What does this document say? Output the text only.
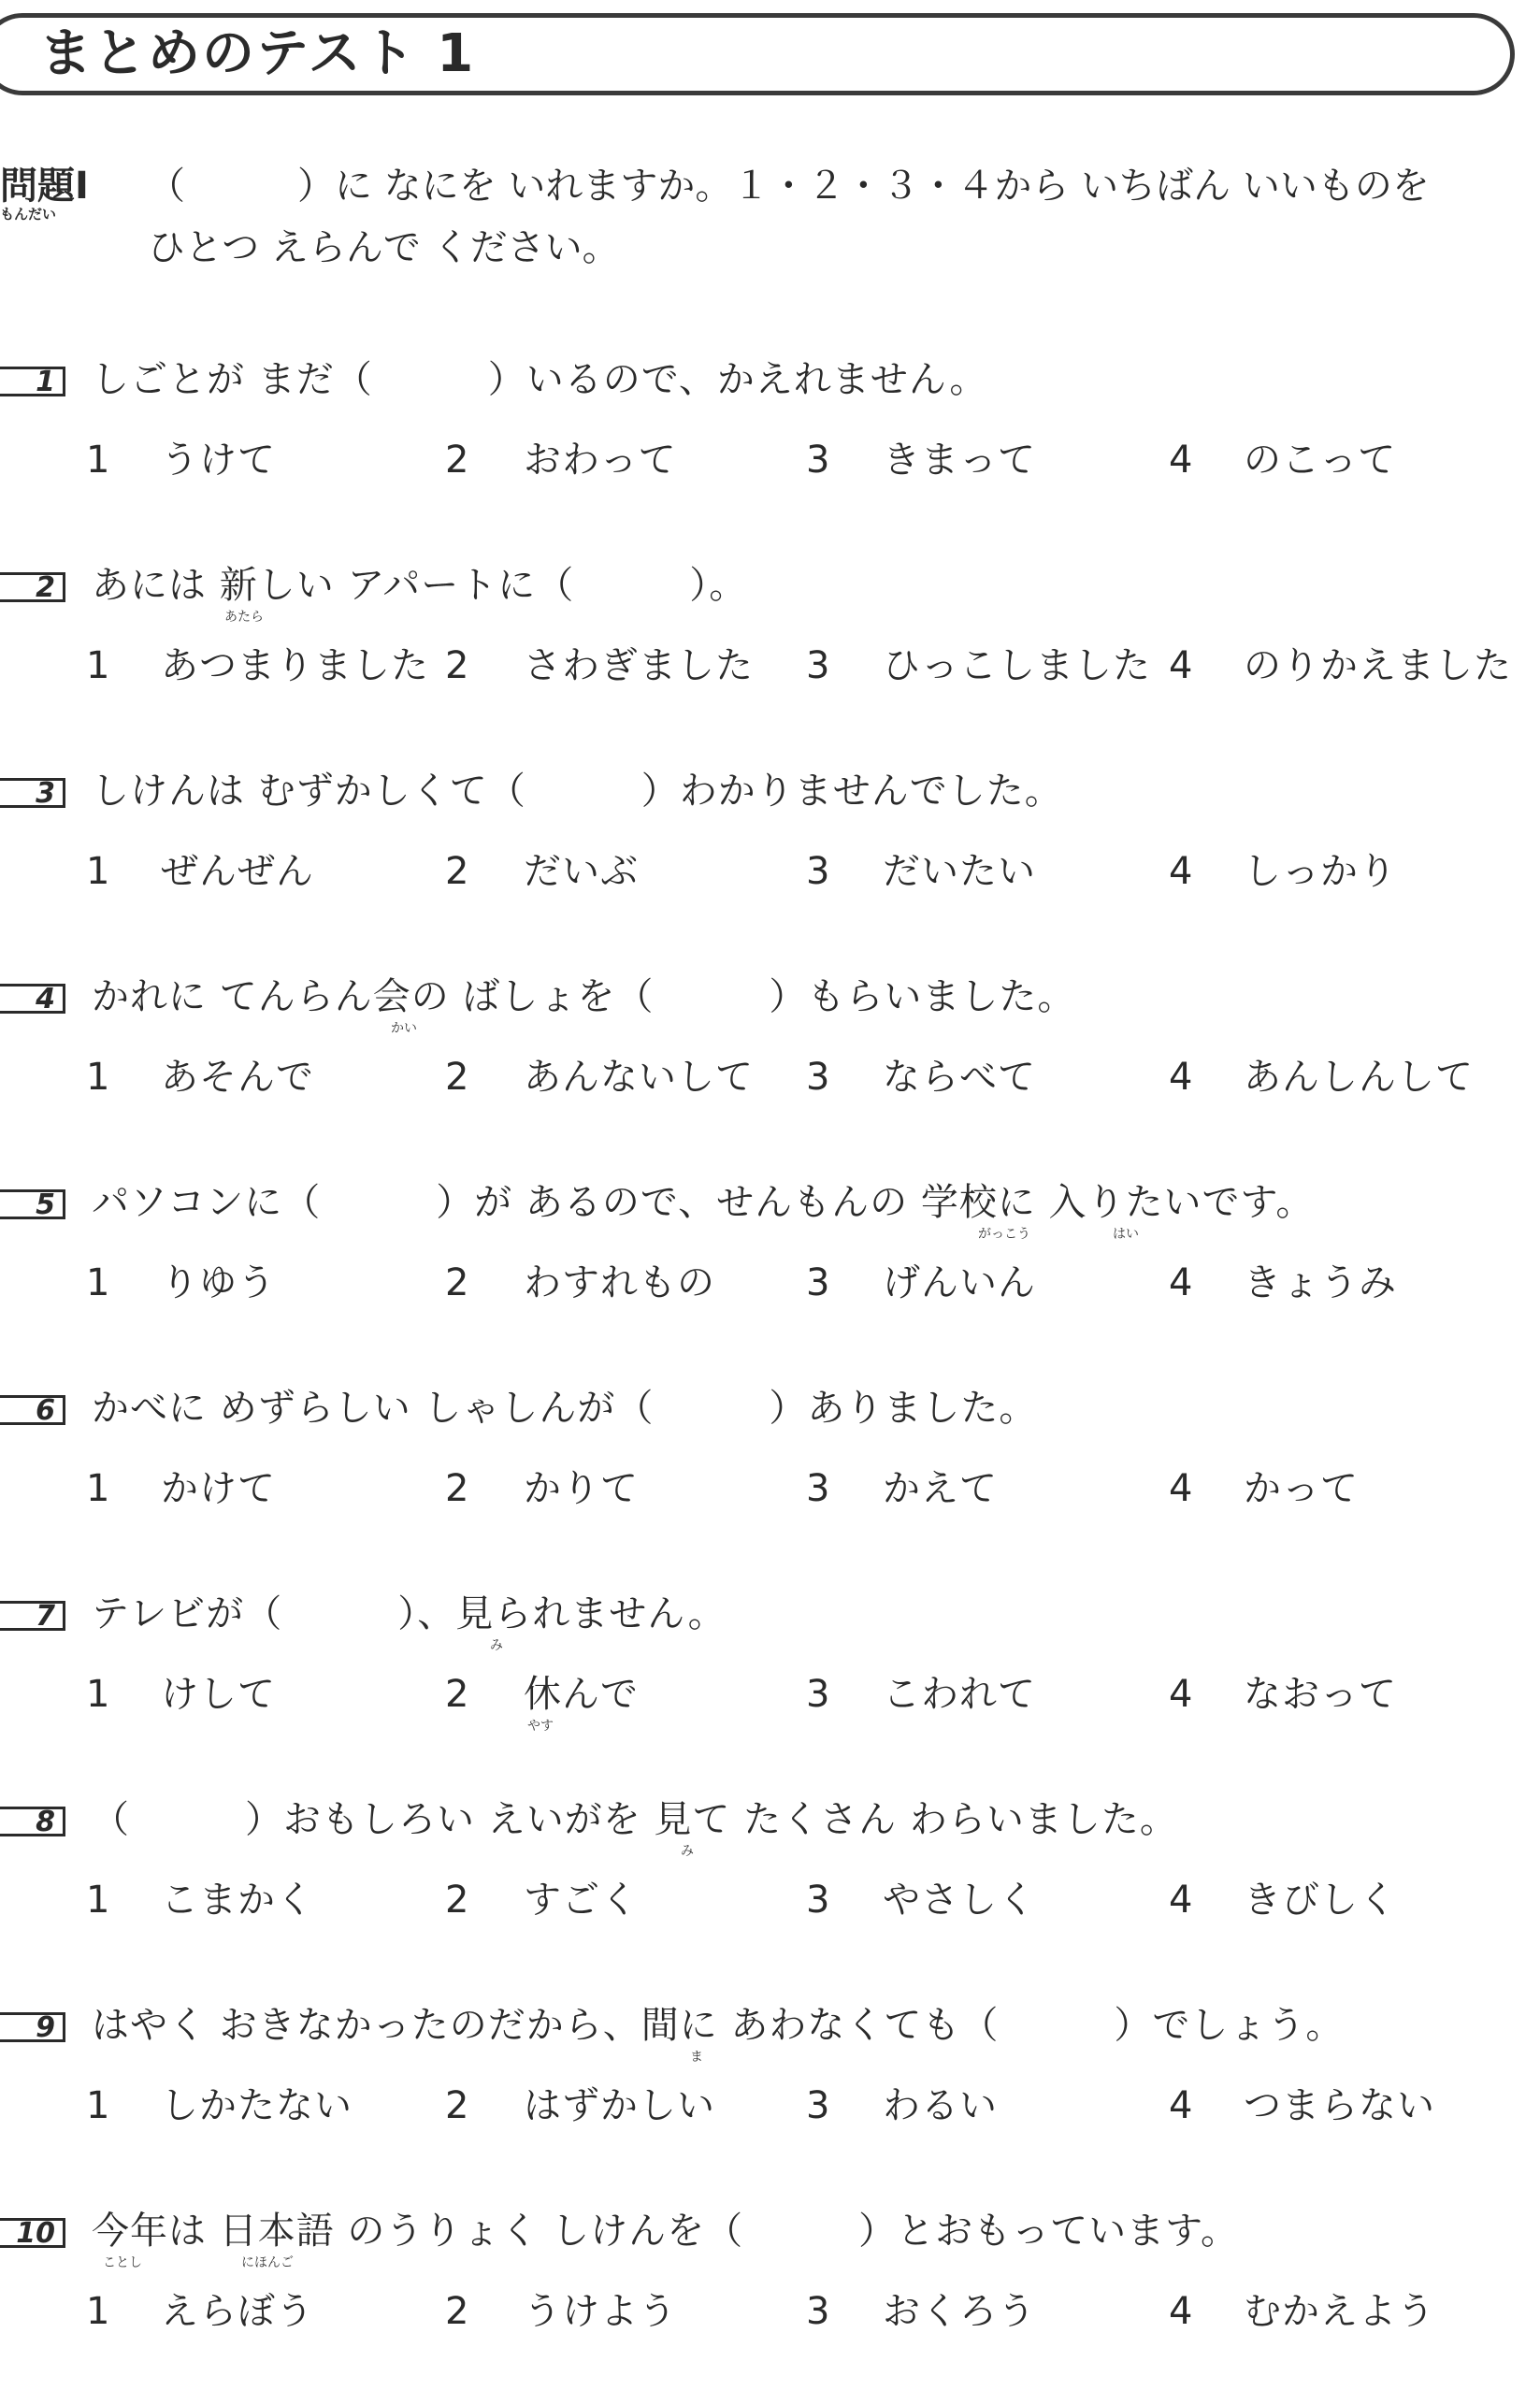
まとめのテスト 1
問題Ⅰ
もんだい
（　　　）に なにを いれますか。１・２・３・４から いちばん いいものを
ひとつ えらんで ください。
1 しごとが まだ（　　　）いるので、かえれません。
1 うけて	2 おわって	3 きまって	4 のこって
2 あには 新しい アパートに（　　　）。
あたら
1 あつまりました 2 さわぎました 3 ひっこしました 4 のりかえました
3 しけんは むずかしくて（　　　）わかりませんでした。
1 ぜんぜん	2 だいぶ	3 だいたい	4 しっかり
4 かれに てんらん会の ばしょを（　　　）もらいました。
かい
1 あそんで	2 あんないして 3 ならべて	4 あんしんして
5 パソコンに（　　　）が あるので、せんもんの 学校に 入りたいです。
がっこう	はい
1 りゆう	2 わすれもの 3 げんいん	4 きょうみ
6 かべに めずらしい しゃしんが（　　　）ありました。
1 かけて	2 かりて	3 かえて	4 かって
7 テレビが（　　　）、見られません。
み
1 けして	2 休んで
やす
3 こわれて	4 なおって
8 （　　　）おもしろい えいがを 見て たくさん わらいました。
み
1 こまかく	2 すごく	3 やさしく	4 きびしく
9 はやく おきなかったのだから、間に あわなくても（　　　）でしょう。
ま
1 しかたない 2 はずかしい 3 わるい	4 つまらない
10 今年は 日本語 のうりょく しけんを（　　　）とおもっています。
ことし	にほんご
1 えらぼう	2 うけよう	3 おくろう	4 むかえよう
